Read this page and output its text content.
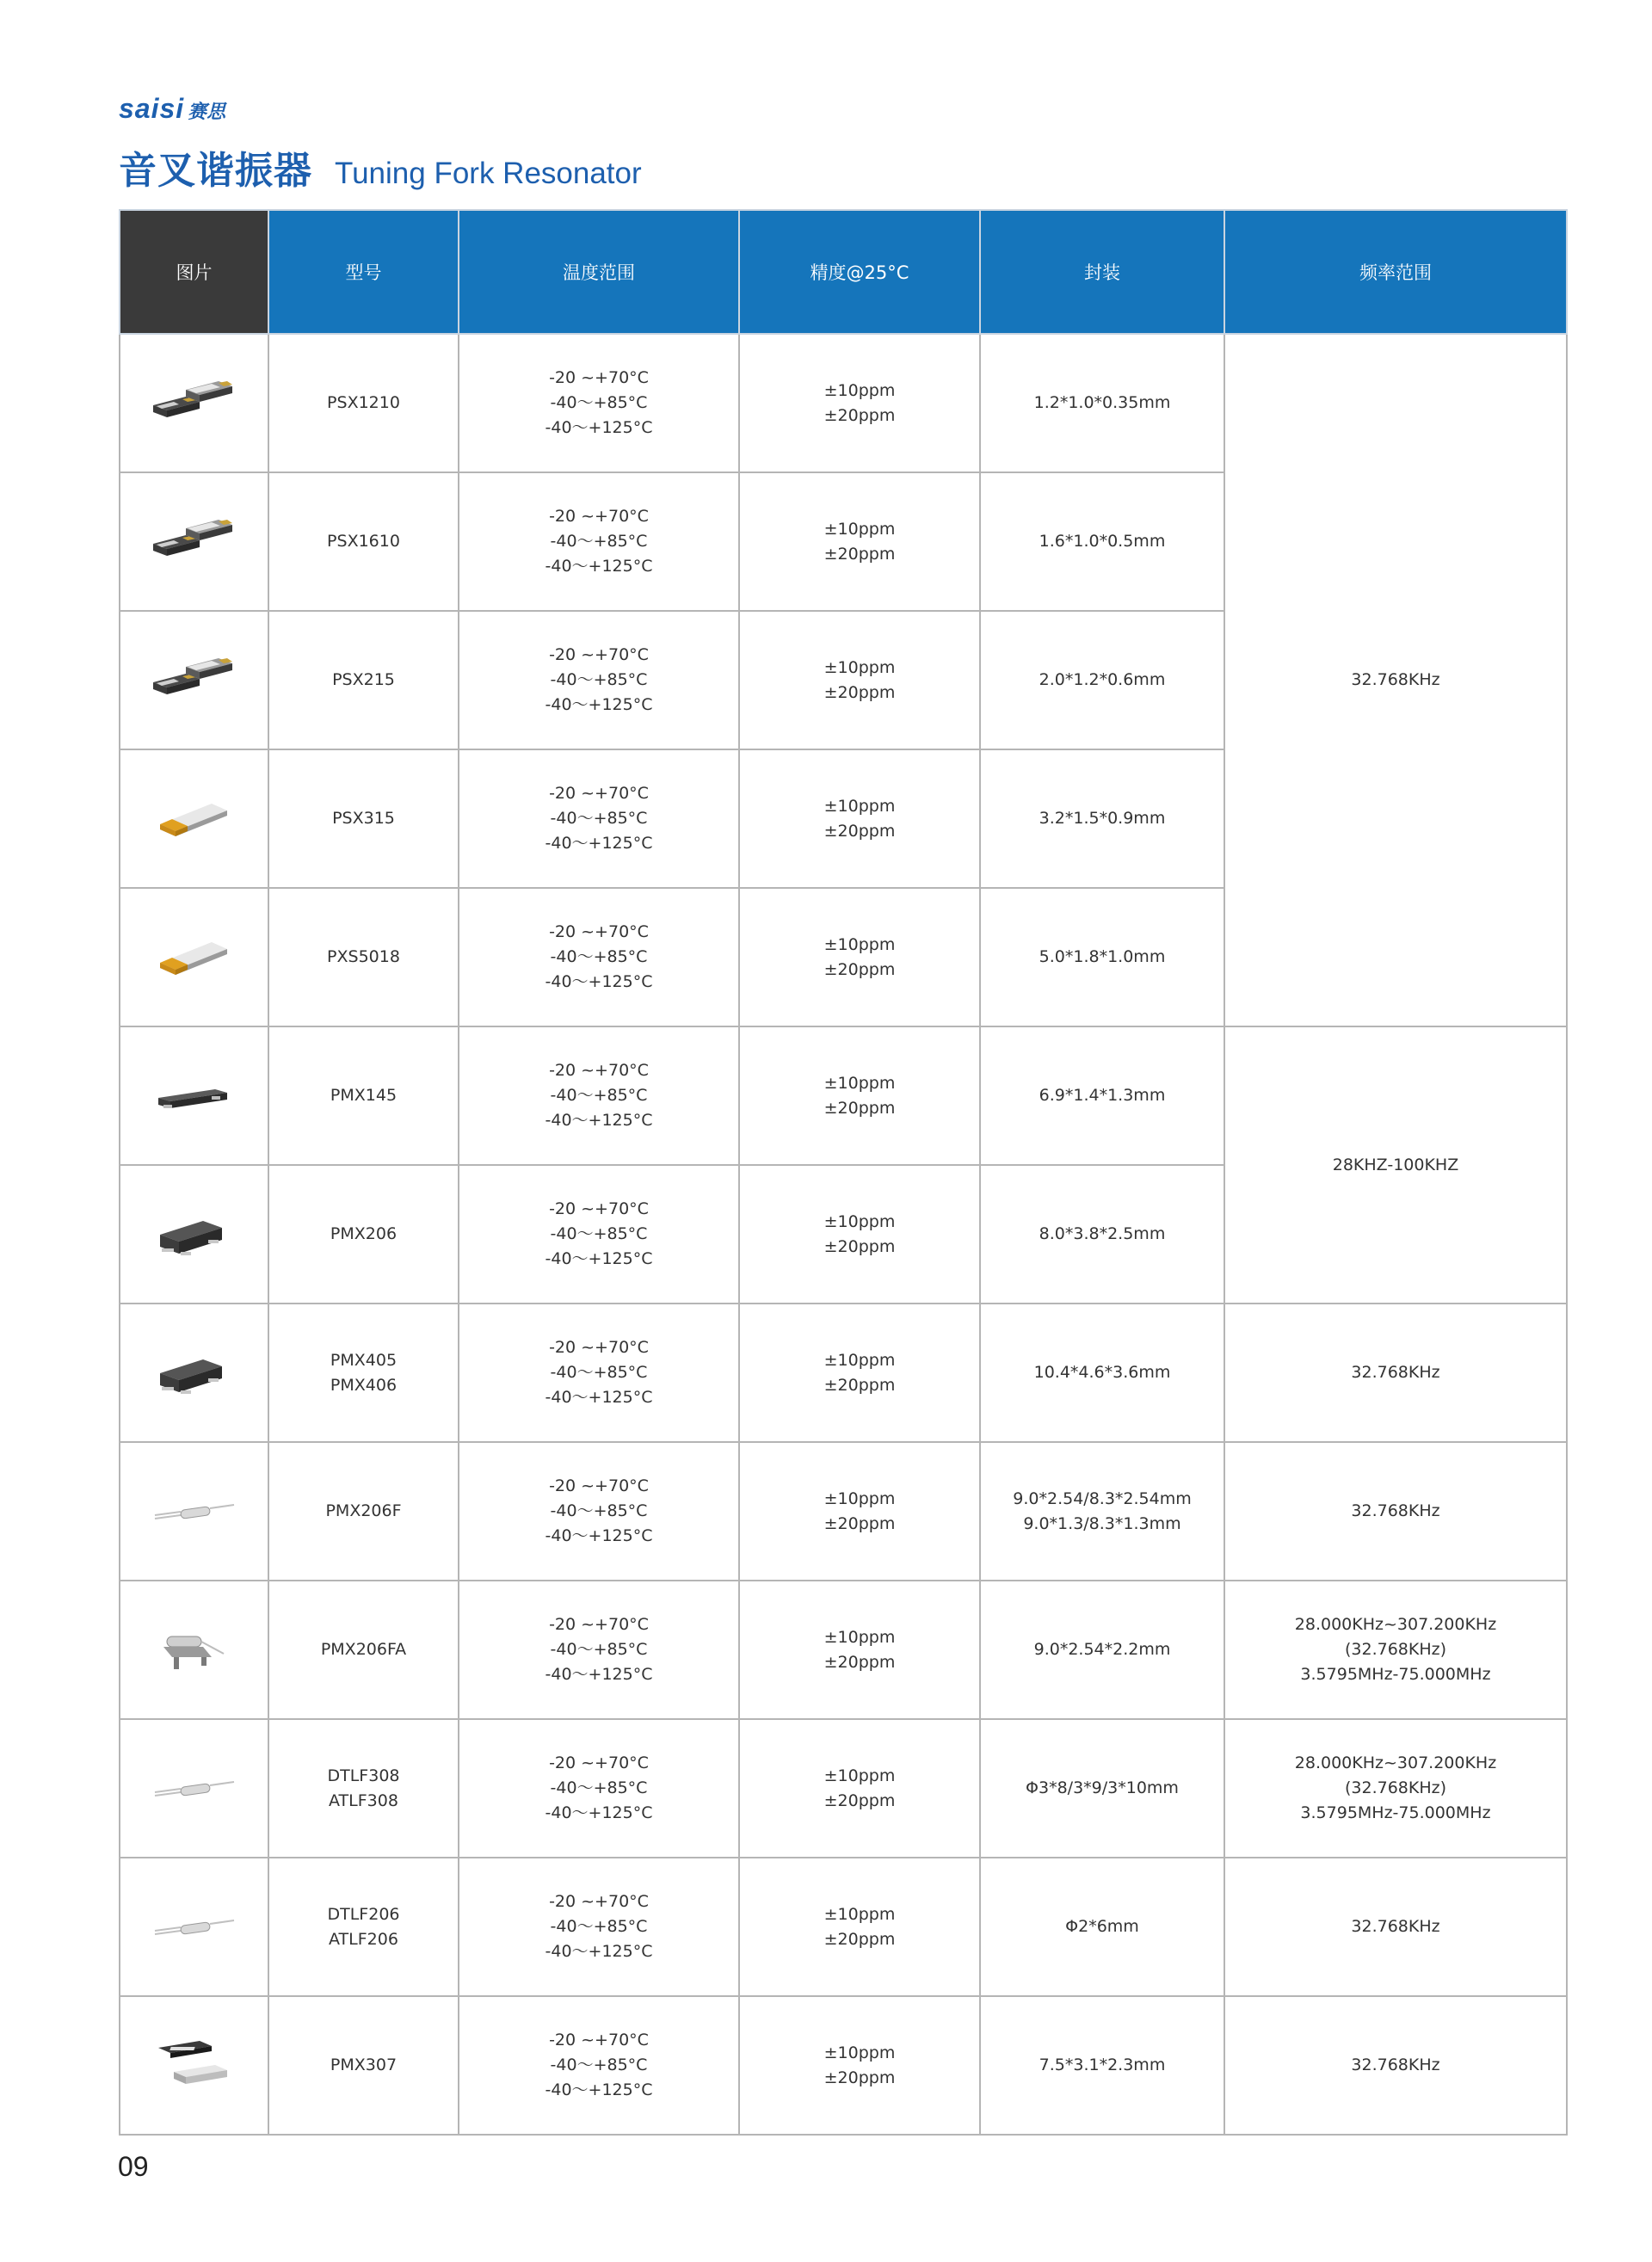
saisi 赛思
音叉谐振器 Tuning Fork Resonator
图片	型号	温度范围	精度@25°C	封装	频率范围

PSX1210	-20 ~+70°C
-40～+85°C
-40～+125°C	±10ppm
±20ppm	1.2*1.0*0.35mm	32.768KHz

PSX1610	-20 ~+70°C
-40～+85°C
-40～+125°C	±10ppm
±20ppm	1.6*1.0*0.5mm	

PSX215	-20 ~+70°C
-40～+85°C
-40～+125°C	±10ppm
±20ppm	2.0*1.2*0.6mm	

PSX315	-20 ~+70°C
-40～+85°C
-40～+125°C	±10ppm
±20ppm	3.2*1.5*0.9mm	

PXS5018	-20 ~+70°C
-40～+85°C
-40～+125°C	±10ppm
±20ppm	5.0*1.8*1.0mm	

PMX145	-20 ~+70°C
-40～+85°C
-40～+125°C	±10ppm
±20ppm	6.9*1.4*1.3mm	28KHZ-100KHZ

PMX206	-20 ~+70°C
-40～+85°C
-40～+125°C	±10ppm
±20ppm	8.0*3.8*2.5mm	

PMX405
PMX406	-20 ~+70°C
-40～+85°C
-40～+125°C	±10ppm
±20ppm	10.4*4.6*3.6mm	32.768KHz

PMX206F	-20 ~+70°C
-40～+85°C
-40～+125°C	±10ppm
±20ppm	9.0*2.54/8.3*2.54mm
9.0*1.3/8.3*1.3mm	32.768KHz

PMX206FA	-20 ~+70°C
-40～+85°C
-40～+125°C	±10ppm
±20ppm	9.0*2.54*2.2mm	28.000KHz~307.200KHz
(32.768KHz)
3.5795MHz-75.000MHz

DTLF308
ATLF308	-20 ~+70°C
-40～+85°C
-40～+125°C	±10ppm
±20ppm	Φ3*8/3*9/3*10mm	28.000KHz~307.200KHz
(32.768KHz)
3.5795MHz-75.000MHz

DTLF206
ATLF206	-20 ~+70°C
-40～+85°C
-40～+125°C	±10ppm
±20ppm	Φ2*6mm	32.768KHz

PMX307	-20 ~+70°C
-40～+85°C
-40～+125°C	±10ppm
±20ppm	7.5*3.1*2.3mm	32.768KHz
09
